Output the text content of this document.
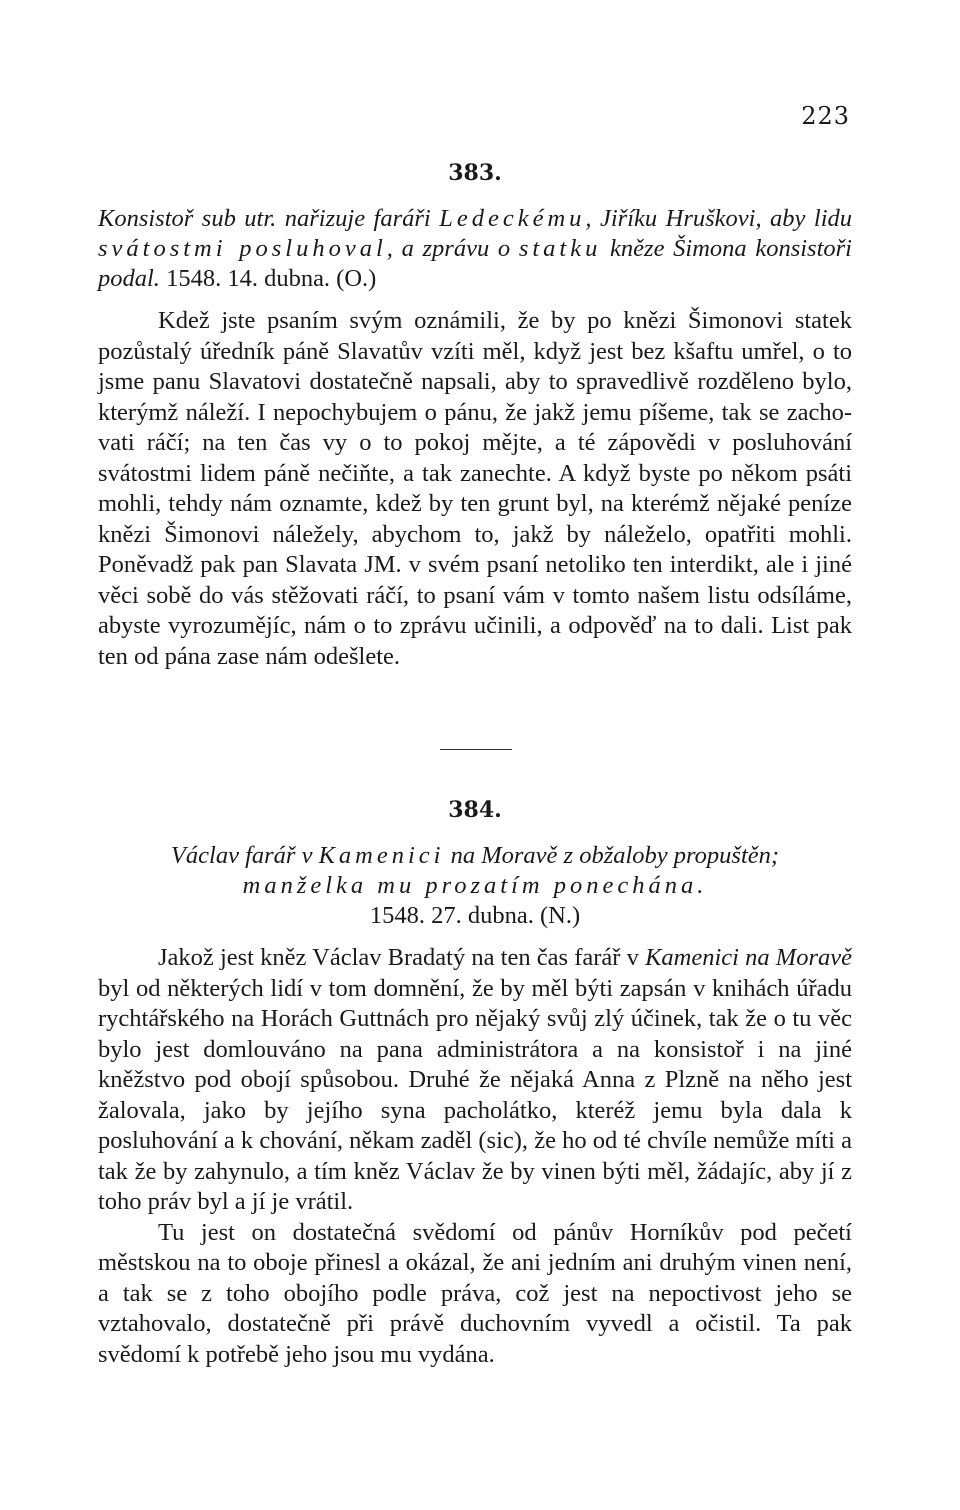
223
383.
Konsistoř sub utr. nařizuje faráři Ledeckému, Jiříku Hruškovi, aby lidu svátostmi posluhoval, a zprávu o statku kněze Šimona konsistoři podal. 1548. 14. dubna. (O.)

Kdež jste psaním svým oznámili, že by po knězi Šimonovi statek pozůstalý úředník páně Slavatův vzíti měl, když jest bez kšaftu umřel, o to jsme panu Slavatovi dostatečně napsali, aby to spravedlivě rozděleno bylo, kterýmž náleží. I nepochybujem o pánu, že jakž jemu píšeme, tak se zachovati ráčí; na ten čas vy o to pokoj mějte, a té zápovědi v posluhování svátostmi lidem páně nečiňte, a tak zanechte. A když byste po někom psáti mohli, tehdy nám oznamte, kdež by ten grunt byl, na kterémž nějaké peníze knězi Šimonovi náležely, abychom to, jakž by náleželo, opatřiti mohli. Poněvadž pak pan Slavata JM. v svém psaní netoliko ten interdikt, ale i jiné věci sobě do vás stěžovati ráčí, to psaní vám v tomto našem listu odsíláme, abyste vyrozumějíc, nám o to zprávu učinili, a odpověď na to dali. List pak ten od pána zase nám odešlete.

384.
Václav farář v Kamenici na Moravě z obžaloby propuštěn;
manželka mu prozatím ponechána.
1548. 27. dubna. (N.)

Jakož jest kněz Václav Bradatý na ten čas farář v Kamenici na Moravě byl od některých lidí v tom domnění, že by měl býti zapsán v knihách úřadu rychtářského na Horách Guttnách pro nějaký svůj zlý účinek, tak že o tu věc bylo jest domlouváno na pana administrátora a na konsistoř i na jiné kněžstvo pod obojí spůsobou. Druhé že nějaká Anna z Plzně na něho jest žalovala, jako by jejího syna pacholátko, kteréž jemu byla dala k posluhování a k chování, někam zaděl (sic), že ho od té chvíle nemůže míti a tak že by zahynulo, a tím kněz Václav že by vinen býti měl, žádajíc, aby jí z toho práv byl a jí je vrátil.

Tu jest on dostatečná svědomí od pánův Horníkův pod pečetí městskou na to oboje přinesl a okázal, že ani jedním ani druhým vinen není, a tak se z toho obojího podle práva, což jest na nepoctivost jeho se vztahovalo, dostatečně při právě duchovním vyvedl a očistil. Ta pak svědomí k potřebě jeho jsou mu vydána.
